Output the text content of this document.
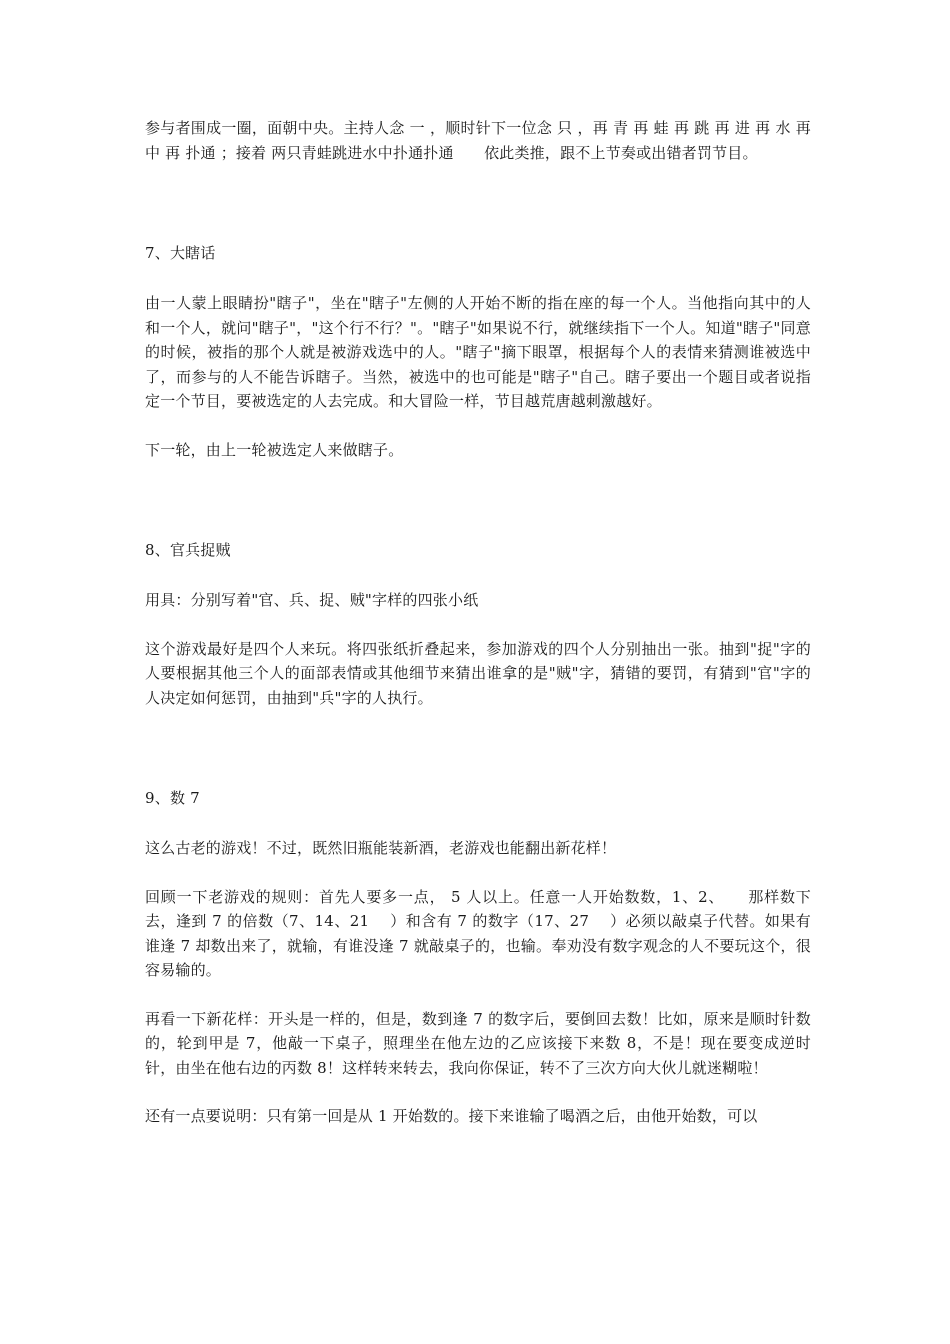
参与者围成一圈，面朝中央。主持人念 一 ，顺时针下一位念 只 ，再 青 再 蛙 再 跳 再 进 再 水 再 中 再 扑通 ；接着 两只青蛙跳进水中扑通扑通　　依此类推，跟不上节奏或出错者罚节目。

7、大瞎话

由一人蒙上眼睛扮"瞎子"，坐在"瞎子"左侧的人开始不断的指在座的每一个人。当他指向其中的人和一个人，就问"瞎子"，"这个行不行？"。"瞎子"如果说不行，就继续指下一个人。知道"瞎子"同意的时候，被指的那个人就是被游戏选中的人。"瞎子"摘下眼罩，根据每个人的表情来猜测谁被选中了，而参与的人不能告诉瞎子。当然，被选中的也可能是"瞎子"自己。瞎子要出一个题目或者说指定一个节目，要被选定的人去完成。和大冒险一样，节目越荒唐越刺激越好。

下一轮，由上一轮被选定人来做瞎子。

8、官兵捉贼

用具：分别写着"官、兵、捉、贼"字样的四张小纸

这个游戏最好是四个人来玩。将四张纸折叠起来，参加游戏的四个人分别抽出一张。抽到"捉"字的人要根据其他三个人的面部表情或其他细节来猜出谁拿的是"贼"字，猜错的要罚，有猜到"官"字的人决定如何惩罚，由抽到"兵"字的人执行。

9、数 7

这么古老的游戏！不过，既然旧瓶能装新酒，老游戏也能翻出新花样！

回顾一下老游戏的规则：首先人要多一点， 5 人以上。任意一人开始数数，1、2、　　那样数下去，逢到 7 的倍数（7、14、21　 ）和含有 7 的数字（17、27　 ）必须以敲桌子代替。如果有谁逢 7 却数出来了，就输，有谁没逢 7 就敲桌子的，也输。奉劝没有数字观念的人不要玩这个，很容易输的。

再看一下新花样：开头是一样的，但是，数到逢 7 的数字后，要倒回去数！比如，原来是顺时针数的，轮到甲是 7，他敲一下桌子，照理坐在他左边的乙应该接下来数 8，不是！现在要变成逆时针，由坐在他右边的丙数 8！这样转来转去，我向你保证，转不了三次方向大伙儿就迷糊啦！

还有一点要说明：只有第一回是从 1 开始数的。接下来谁输了喝酒之后，由他开始数，可以
